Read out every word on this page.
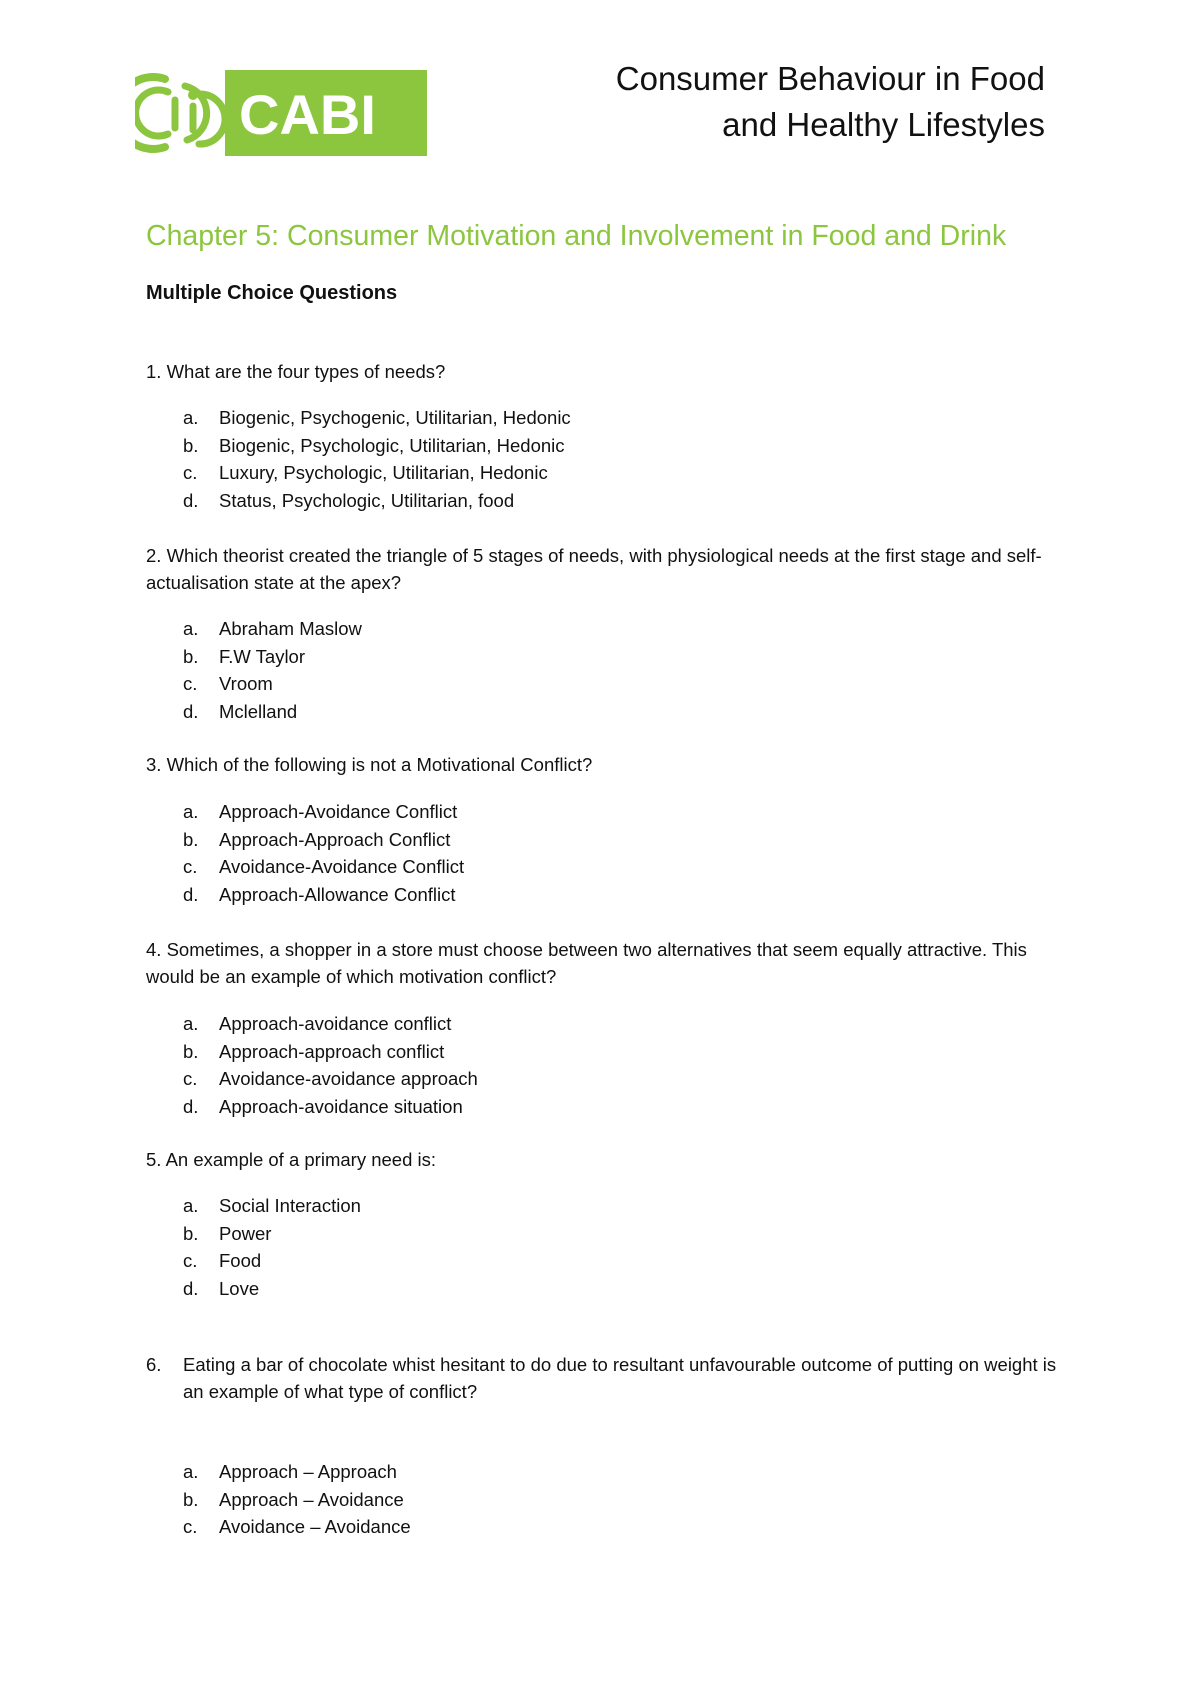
CABI
Consumer Behaviour in Food
and Healthy Lifestyles
Chapter 5: Consumer Motivation and Involvement in Food and Drink
Multiple Choice Questions
1. What are the four types of needs?
a. Biogenic, Psychogenic, Utilitarian, Hedonic
b. Biogenic, Psychologic, Utilitarian, Hedonic
c. Luxury, Psychologic, Utilitarian, Hedonic
d. Status, Psychologic, Utilitarian, food
2. Which theorist created the triangle of 5 stages of needs, with physiological needs at the first stage and self-actualisation state at the apex?
a. Abraham Maslow
b. F.W Taylor
c. Vroom
d. Mclelland
3. Which of the following is not a Motivational Conflict?
a. Approach-Avoidance Conflict
b. Approach-Approach Conflict
c. Avoidance-Avoidance Conflict
d. Approach-Allowance Conflict
4. Sometimes, a shopper in a store must choose between two alternatives that seem equally attractive. This would be an example of which motivation conflict?
a. Approach-avoidance conflict
b. Approach-approach conflict
c. Avoidance-avoidance approach
d. Approach-avoidance situation
5. An example of a primary need is:
a. Social Interaction
b. Power
c. Food
d. Love
6. Eating a bar of chocolate whist hesitant to do due to resultant unfavourable outcome of putting on weight is an example of what type of conflict?
a. Approach – Approach
b. Approach – Avoidance
c. Avoidance – Avoidance
